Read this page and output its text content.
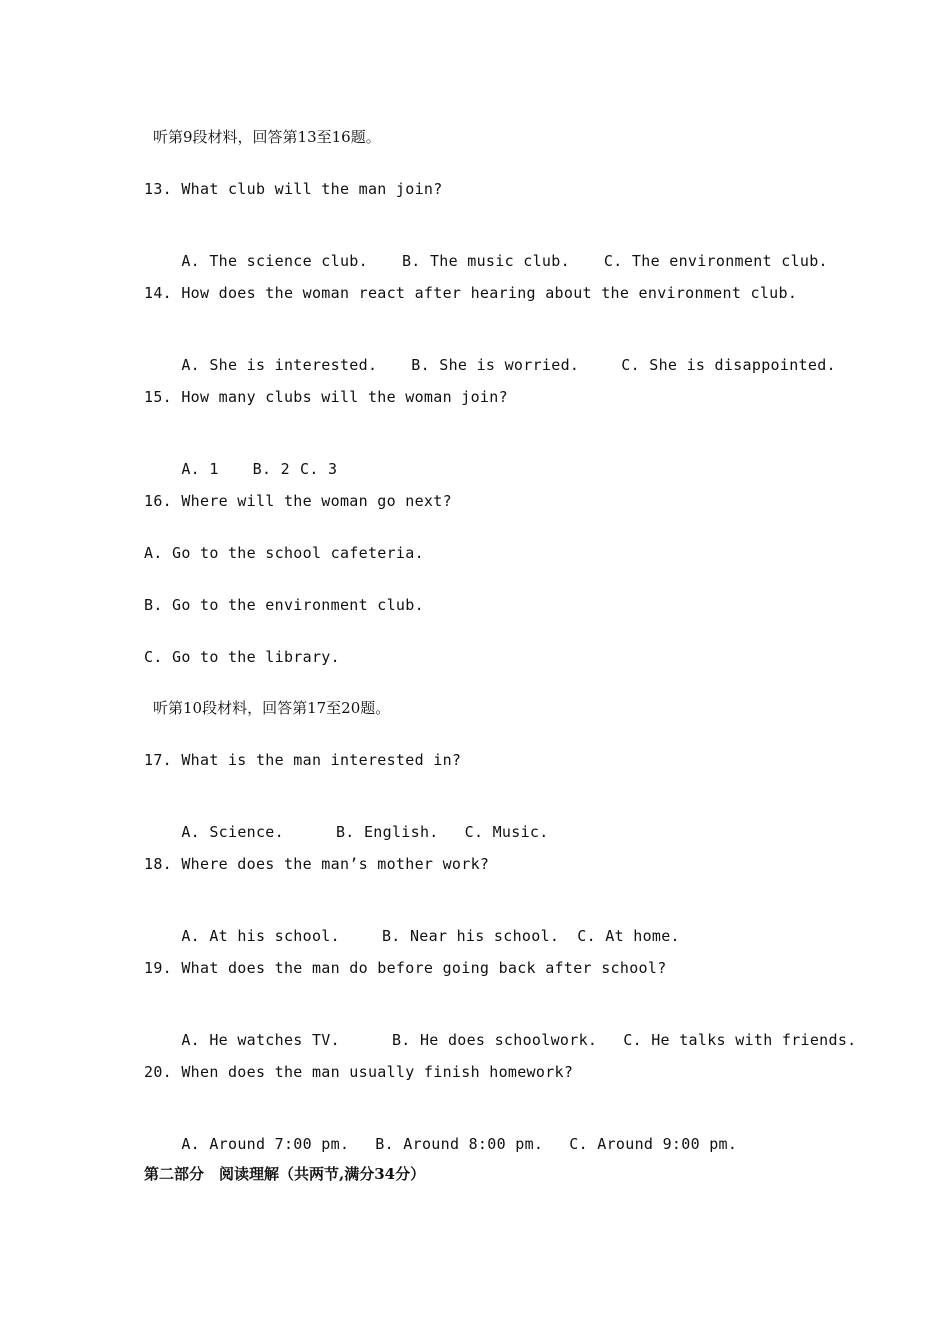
听第9段材料，回答第13至16题。
13. What club will the man join?

A. The science club. B. The music club. C. The environment club.

14. How does the woman react after hearing about the environment club.

A. She is interested. B. She is worried.	C. She is disappointed.

15. How many clubs will the woman join?

A. 1 B. 2 C. 3

16. Where will the woman go next?
A. Go to the school cafeteria.
B. Go to the environment club.
C. Go to the library.
听第10段材料，回答第17至20题。
17. What is the man interested in?

A. Science.	B. English. C. Music.

18. Where does the man’s mother work?

A. At his school.	B. Near his school. C. At home.

19. What does the man do before going back after school?

A. He watches TV.	B. He does schoolwork. C. He talks with friends.

20. When does the man usually finish homework?

A. Around 7:00 pm. B. Around 8:00 pm. C. Around 9:00 pm.

第二部分　阅读理解（共两节,满分34分）
